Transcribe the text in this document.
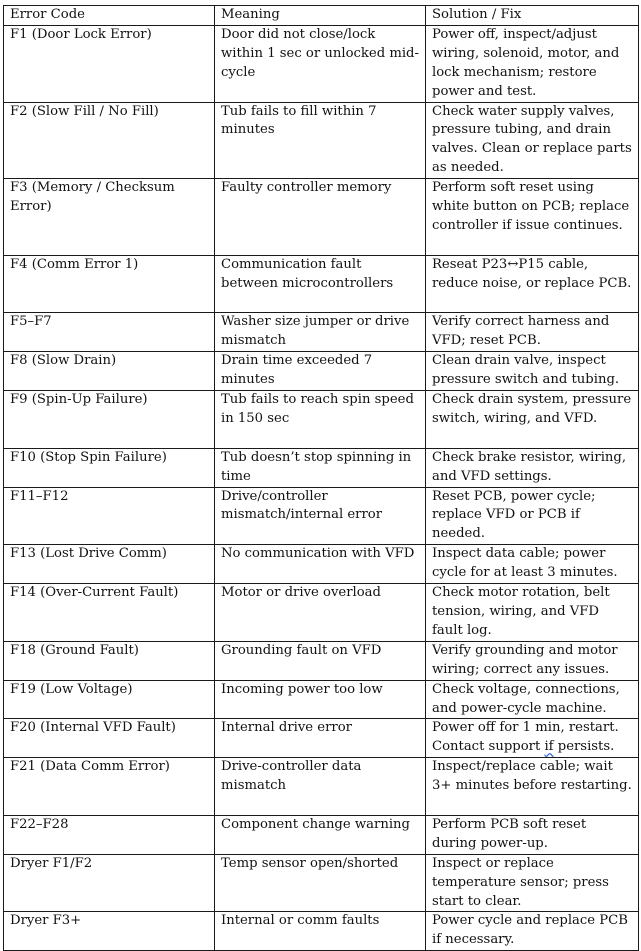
Error Code	Meaning	Solution / Fix
F1 (Door Lock Error)	Door did not close/lock within 1 sec or unlocked mid-cycle	Power off, inspect/adjust wiring, solenoid, motor, and lock mechanism; restore power and test.
F2 (Slow Fill / No Fill)	Tub fails to fill within 7 minutes	Check water supply valves, pressure tubing, and drain valves. Clean or replace parts as needed.
F3 (Memory / Checksum Error)	Faulty controller memory	Perform soft reset using white button on PCB; replace controller if issue continues.
F4 (Comm Error 1)	Communication fault between microcontrollers	Reseat P23↔P15 cable, reduce noise, or replace PCB.
F5–F7	Washer size jumper or drive mismatch	Verify correct harness and VFD; reset PCB.
F8 (Slow Drain)	Drain time exceeded 7 minutes	Clean drain valve, inspect pressure switch and tubing.
F9 (Spin-Up Failure)	Tub fails to reach spin speed in 150 sec	Check drain system, pressure switch, wiring, and VFD.
F10 (Stop Spin Failure)	Tub doesn’t stop spinning in time	Check brake resistor, wiring, and VFD settings.
F11–F12	Drive/controller mismatch/internal error	Reset PCB, power cycle; replace VFD or PCB if needed.
F13 (Lost Drive Comm)	No communication with VFD	Inspect data cable; power cycle for at least 3 minutes.
F14 (Over-Current Fault)	Motor or drive overload	Check motor rotation, belt tension, wiring, and VFD fault log.
F18 (Ground Fault)	Grounding fault on VFD	Verify grounding and motor wiring; correct any issues.
F19 (Low Voltage)	Incoming power too low	Check voltage, connections, and power-cycle machine.
F20 (Internal VFD Fault)	Internal drive error	Power off for 1 min, restart. Contact support if persists.
F21 (Data Comm Error)	Drive-controller data mismatch	Inspect/replace cable; wait 3+ minutes before restarting.
F22–F28	Component change warning	Perform PCB soft reset during power-up.
Dryer F1/F2	Temp sensor open/shorted	Inspect or replace temperature sensor; press start to clear.
Dryer F3+	Internal or comm faults	Power cycle and replace PCB if necessary.
